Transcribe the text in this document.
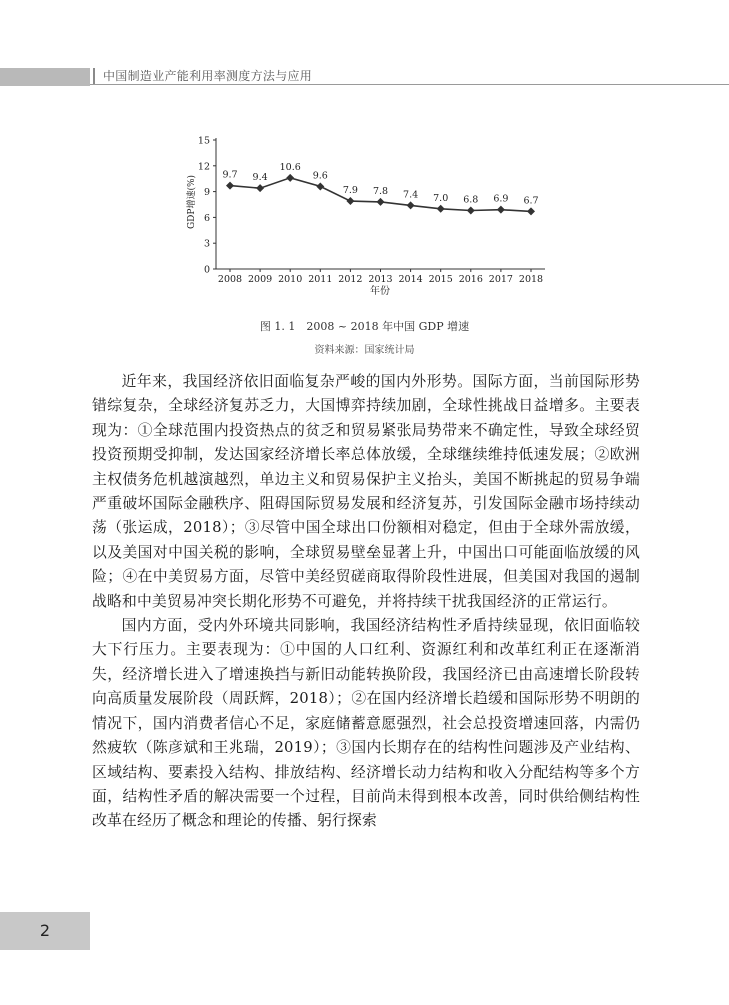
中国制造业产能利用率测度方法与应用
0
3
6
9
12
15
2008 2009 2010 2011 2012 2013 2014 2015 2016 2017 2018
9.7 9.4
10.6
9.6
7.9 7.8 7.4 7.0 6.8 6.9 6.7
年份
GDP增速(%)
图 1. 1　2008 ~ 2018 年中国 GDP 增速
资料来源：国家统计局

近年来，我国经济依旧面临复杂严峻的国内外形势。国际方面，当前国际形势错综复杂，全球经济复苏乏力，大国博弈持续加剧，全球性挑战日益增多。主要表现为：①全球范围内投资热点的贫乏和贸易紧张局势带来不确定性，导致全球经贸投资预期受抑制，发达国家经济增长率总体放缓，全球继续维持低速发展；②欧洲主权债务危机越演越烈，单边主义和贸易保护主义抬头，美国不断挑起的贸易争端严重破坏国际金融秩序、阻碍国际贸易发展和经济复苏，引发国际金融市场持续动荡（张运成，2018）；③尽管中国全球出口份额相对稳定，但由于全球外需放缓，以及美国对中国关税的影响，全球贸易壁垒显著上升，中国出口可能面临放缓的风险；④在中美贸易方面，尽管中美经贸磋商取得阶段性进展，但美国对我国的遏制战略和中美贸易冲突长期化形势不可避免，并将持续干扰我国经济的正常运行。

国内方面，受内外环境共同影响，我国经济结构性矛盾持续显现，依旧面临较大下行压力。主要表现为：①中国的人口红利、资源红利和改革红利正在逐渐消失，经济增长进入了增速换挡与新旧动能转换阶段，我国经济已由高速增长阶段转向高质量发展阶段（周跃辉，2018）；②在国内经济增长趋缓和国际形势不明朗的情况下，国内消费者信心不足，家庭储蓄意愿强烈，社会总投资增速回落，内需仍然疲软（陈彦斌和王兆瑞，2019）；③国内长期存在的结构性问题涉及产业结构、区域结构、要素投入结构、排放结构、经济增长动力结构和收入分配结构等多个方面，结构性矛盾的解决需要一个过程，目前尚未得到根本改善，同时供给侧结构性改革在经历了概念和理论的传播、躬行探索

2
